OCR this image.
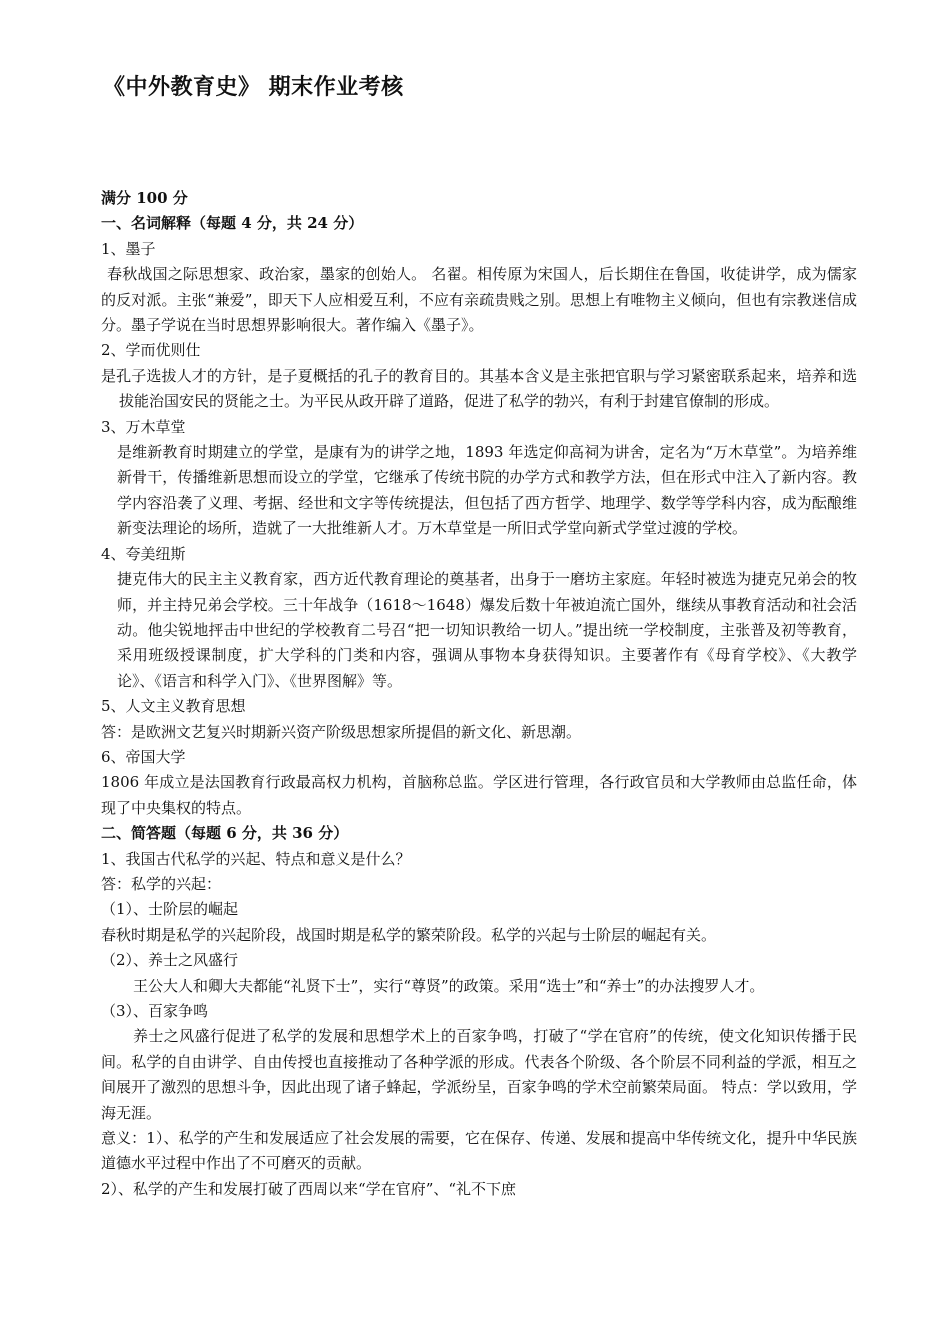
《中外教育史》 期末作业考核

满分 100 分

一、名词解释（每题 4 分，共 24 分）

1、墨子

春秋战国之际思想家、政治家，墨家的创始人。 名翟。相传原为宋国人，后长期住在鲁国，收徒讲学，成为儒家的反对派。主张“兼爱”，即天下人应相爱互利，不应有亲疏贵贱之别。思想上有唯物主义倾向，但也有宗教迷信成分。墨子学说在当时思想界影响很大。著作编入《墨子》。

2、学而优则仕

是孔子选拔人才的方针，是子夏概括的孔子的教育目的。其基本含义是主张把官职与学习紧密联系起来，培养和选拔能治国安民的贤能之士。为平民从政开辟了道路，促进了私学的勃兴，有利于封建官僚制的形成。

3、万木草堂

是维新教育时期建立的学堂，是康有为的讲学之地，1893 年选定仰高祠为讲舍，定名为“万木草堂”。为培养维新骨干，传播维新思想而设立的学堂，它继承了传统书院的办学方式和教学方法，但在形式中注入了新内容。教学内容沿袭了义理、考据、经世和文字等传统提法，但包括了西方哲学、地理学、数学等学科内容，成为酝酿维新变法理论的场所，造就了一大批维新人才。万木草堂是一所旧式学堂向新式学堂过渡的学校。

4、夸美纽斯

捷克伟大的民主主义教育家，西方近代教育理论的奠基者，出身于一磨坊主家庭。年轻时被选为捷克兄弟会的牧师，并主持兄弟会学校。三十年战争（1618～1648）爆发后数十年被迫流亡国外，继续从事教育活动和社会活动。他尖锐地抨击中世纪的学校教育二号召“把一切知识教给一切人。”提出统一学校制度，主张普及初等教育，采用班级授课制度，扩大学科的门类和内容，强调从事物本身获得知识。主要著作有《母育学校》、《大教学论》、《语言和科学入门》、《世界图解》等。

5、人文主义教育思想

答：是欧洲文艺复兴时期新兴资产阶级思想家所提倡的新文化、新思潮。

6、帝国大学

1806 年成立是法国教育行政最高权力机构，首脑称总监。学区进行管理，各行政官员和大学教师由总监任命，体现了中央集权的特点。

二、简答题（每题 6 分，共 36 分）

1、我国古代私学的兴起、特点和意义是什么？

答：私学的兴起：

（1）、士阶层的崛起

春秋时期是私学的兴起阶段，战国时期是私学的繁荣阶段。私学的兴起与士阶层的崛起有关。

（2）、养士之风盛行

王公大人和卿大夫都能“礼贤下士”，实行“尊贤”的政策。采用“选士”和“养士”的办法搜罗人才。

（3）、百家争鸣

养士之风盛行促进了私学的发展和思想学术上的百家争鸣，打破了“学在官府”的传统，使文化知识传播于民间。私学的自由讲学、自由传授也直接推动了各种学派的形成。代表各个阶级、各个阶层不同利益的学派，相互之间展开了激烈的思想斗争，因此出现了诸子蜂起，学派纷呈，百家争鸣的学术空前繁荣局面。 特点：学以致用，学海无涯。

意义：1）、私学的产生和发展适应了社会发展的需要，它在保存、传递、发展和提高中华传统文化，提升中华民族道德水平过程中作出了不可磨灭的贡献。

2）、私学的产生和发展打破了西周以来“学在官府”、“礼不下庶
